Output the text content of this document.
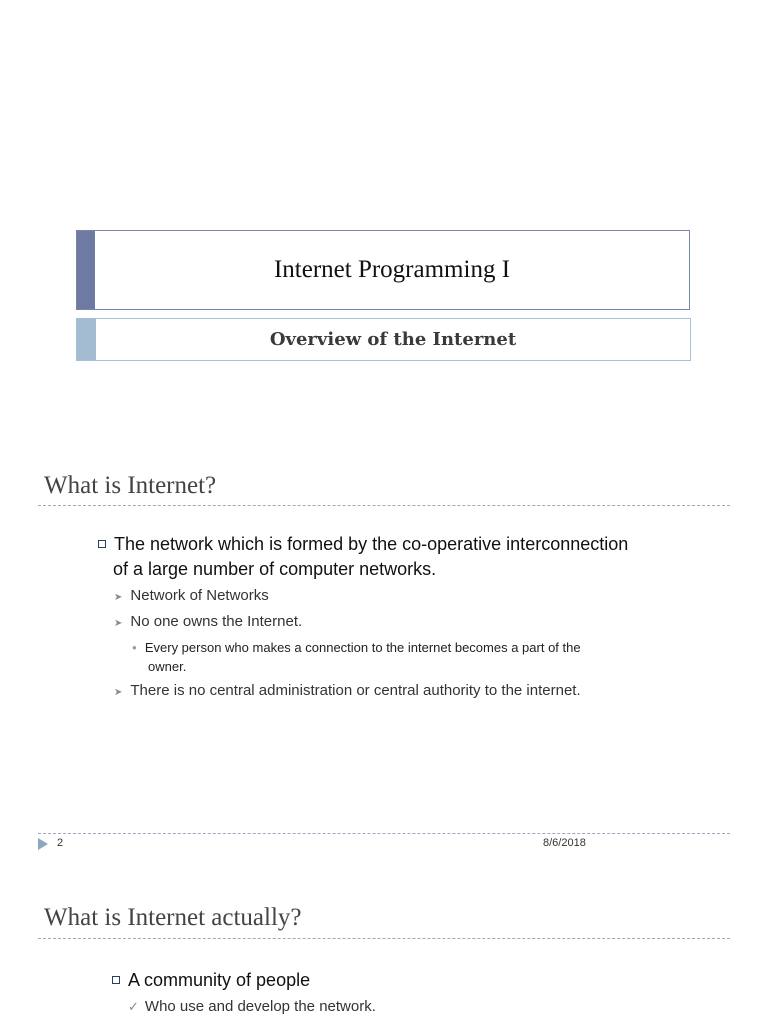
Internet Programming I
Overview of the Internet
What is Internet?
The network which is formed by the co-operative interconnection
of a large number of computer networks.
➤ Network of Networks
➤ No one owns the Internet.
● Every person who makes a connection to the internet becomes a part of the
owner.
➤ There is no central administration or central authority to the internet.
2	8/6/2018
What is Internet actually?
A community of people
✓ Who use and develop the network.
